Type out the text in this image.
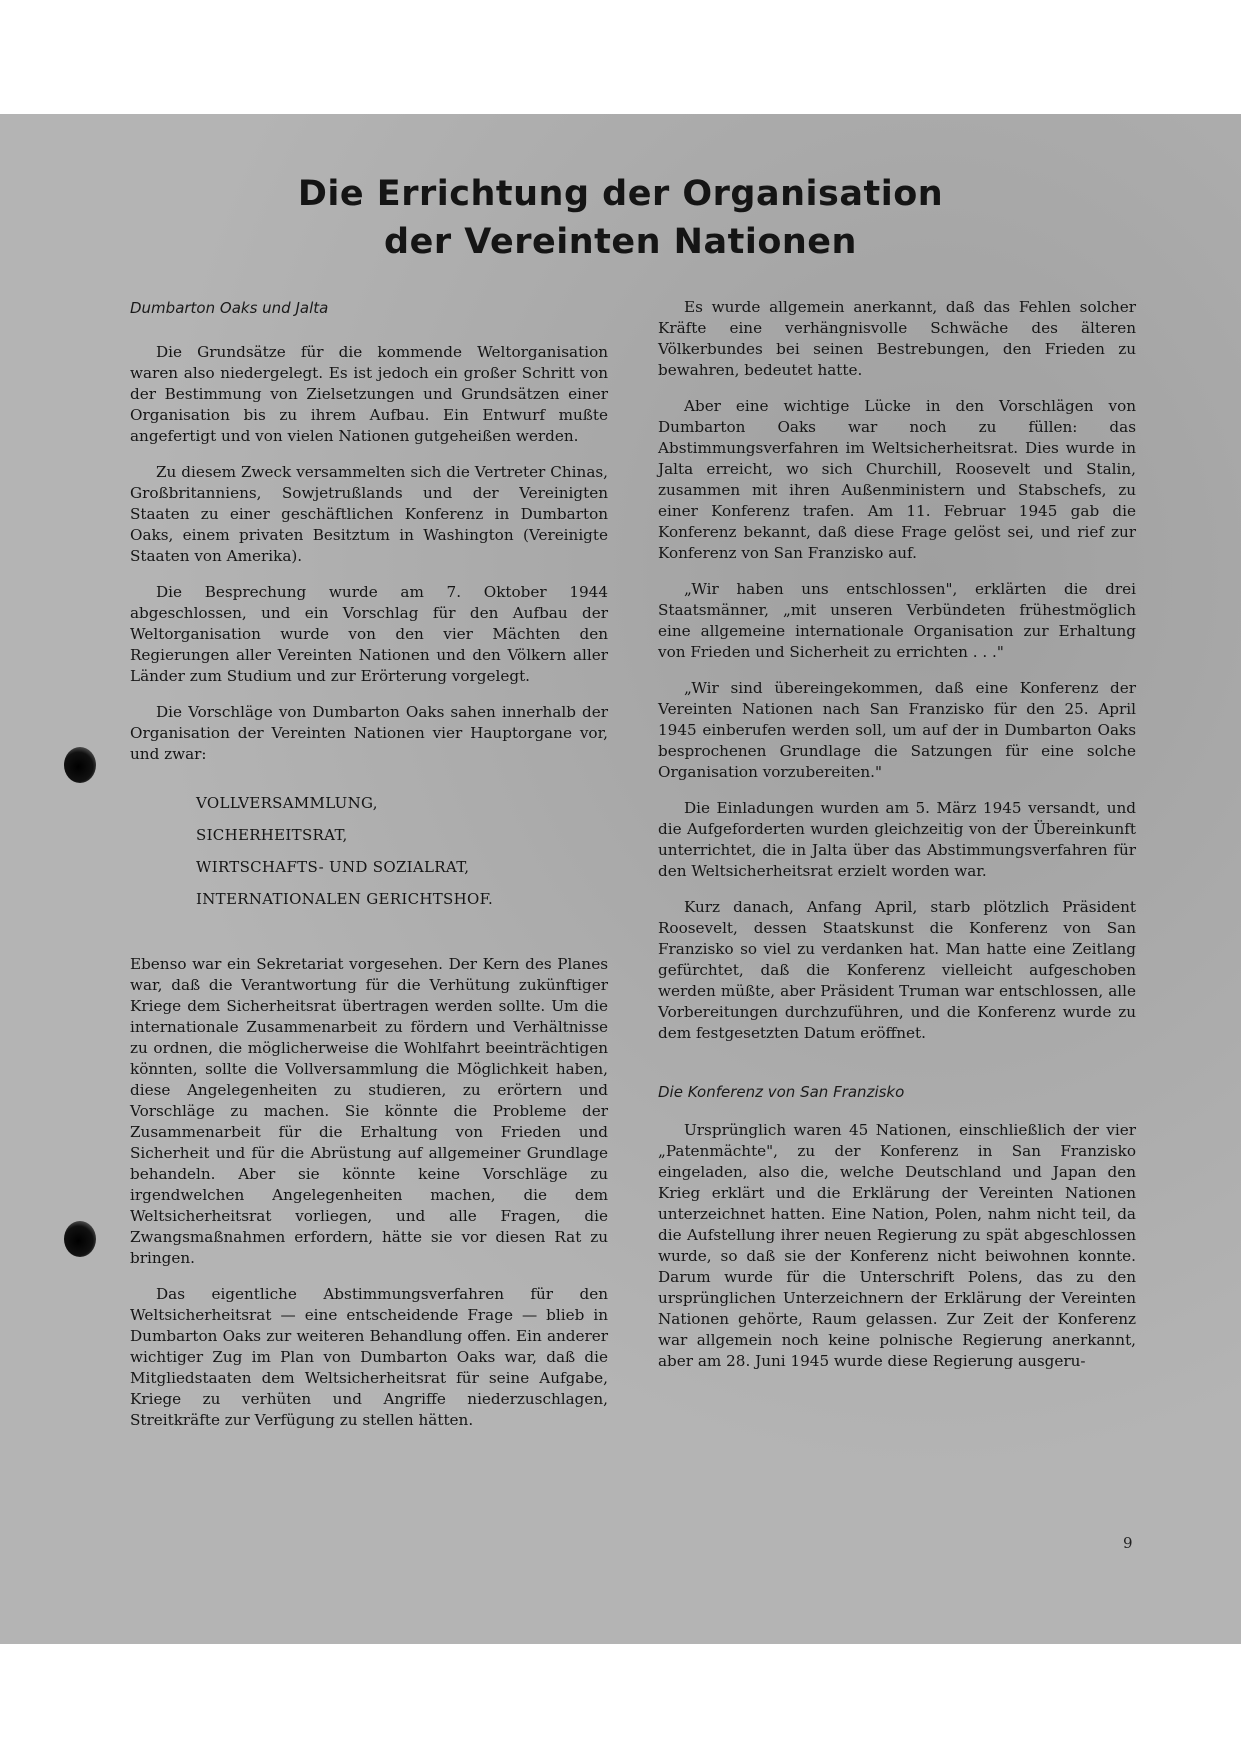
Die Errichtung der Organisation
der Vereinten Nationen
Dumbarton Oaks und Jalta

Die Grundsätze für die kommende Weltorganisation waren also niedergelegt. Es ist jedoch ein großer Schritt von der Bestimmung von Zielsetzungen und Grundsätzen einer Organisation bis zu ihrem Aufbau. Ein Entwurf mußte angefertigt und von vielen Nationen gutgeheißen werden.

Zu diesem Zweck versammelten sich die Vertreter Chinas, Großbritanniens, Sowjetrußlands und der Vereinigten Staaten zu einer geschäftlichen Konferenz in Dumbarton Oaks, einem privaten Besitztum in Washington (Vereinigte Staaten von Amerika).

Die Besprechung wurde am 7. Oktober 1944 abgeschlossen, und ein Vorschlag für den Aufbau der Weltorganisation wurde von den vier Mächten den Regierungen aller Vereinten Nationen und den Völkern aller Länder zum Studium und zur Erörterung vorgelegt.

Die Vorschläge von Dumbarton Oaks sahen innerhalb der Organisation der Vereinten Nationen vier Hauptorgane vor, und zwar:

VOLLVERSAMMLUNG,
SICHERHEITSRAT,
WIRTSCHAFTS- UND SOZIALRAT,
INTERNATIONALEN GERICHTSHOF.

Ebenso war ein Sekretariat vorgesehen. Der Kern des Planes war, daß die Verantwortung für die Verhütung zukünftiger Kriege dem Sicherheitsrat übertragen werden sollte. Um die internationale Zusammenarbeit zu fördern und Verhältnisse zu ordnen, die möglicherweise die Wohlfahrt beeinträchtigen könnten, sollte die Vollversammlung die Möglichkeit haben, diese Angelegenheiten zu studieren, zu erörtern und Vorschläge zu machen. Sie könnte die Probleme der Zusammenarbeit für die Erhaltung von Frieden und Sicherheit und für die Abrüstung auf allgemeiner Grundlage behandeln. Aber sie könnte keine Vorschläge zu irgendwelchen Angelegenheiten machen, die dem Weltsicherheitsrat vorliegen, und alle Fragen, die Zwangsmaßnahmen erfordern, hätte sie vor diesen Rat zu bringen.

Das eigentliche Abstimmungsverfahren für den Weltsicherheitsrat — eine entscheidende Frage — blieb in Dumbarton Oaks zur weiteren Behandlung offen. Ein anderer wichtiger Zug im Plan von Dumbarton Oaks war, daß die Mitgliedstaaten dem Weltsicherheitsrat für seine Aufgabe, Kriege zu verhüten und Angriffe niederzuschlagen, Streitkräfte zur Verfügung zu stellen hätten.

Es wurde allgemein anerkannt, daß das Fehlen solcher Kräfte eine verhängnisvolle Schwäche des älteren Völkerbundes bei seinen Bestrebungen, den Frieden zu bewahren, bedeutet hatte.

Aber eine wichtige Lücke in den Vorschlägen von Dumbarton Oaks war noch zu füllen: das Abstimmungsverfahren im Weltsicherheitsrat. Dies wurde in Jalta erreicht, wo sich Churchill, Roosevelt und Stalin, zusammen mit ihren Außenministern und Stabschefs, zu einer Konferenz trafen. Am 11. Februar 1945 gab die Konferenz bekannt, daß diese Frage gelöst sei, und rief zur Konferenz von San Franzisko auf.

„Wir haben uns entschlossen", erklärten die drei Staatsmänner, „mit unseren Verbündeten frühestmöglich eine allgemeine internationale Organisation zur Erhaltung von Frieden und Sicherheit zu errichten . . ."

„Wir sind übereingekommen, daß eine Konferenz der Vereinten Nationen nach San Franzisko für den 25. April 1945 einberufen werden soll, um auf der in Dumbarton Oaks besprochenen Grundlage die Satzungen für eine solche Organisation vorzubereiten."

Die Einladungen wurden am 5. März 1945 versandt, und die Aufgeforderten wurden gleichzeitig von der Übereinkunft unterrichtet, die in Jalta über das Abstimmungsverfahren für den Weltsicherheitsrat erzielt worden war.

Kurz danach, Anfang April, starb plötzlich Präsident Roosevelt, dessen Staatskunst die Konferenz von San Franzisko so viel zu verdanken hat. Man hatte eine Zeitlang gefürchtet, daß die Konferenz vielleicht aufgeschoben werden müßte, aber Präsident Truman war entschlossen, alle Vorbereitungen durchzuführen, und die Konferenz wurde zu dem festgesetzten Datum eröffnet.

Die Konferenz von San Franzisko

Ursprünglich waren 45 Nationen, einschließlich der vier „Patenmächte", zu der Konferenz in San Franzisko eingeladen, also die, welche Deutschland und Japan den Krieg erklärt und die Erklärung der Vereinten Nationen unterzeichnet hatten. Eine Nation, Polen, nahm nicht teil, da die Aufstellung ihrer neuen Regierung zu spät abgeschlossen wurde, so daß sie der Konferenz nicht beiwohnen konnte. Darum wurde für die Unterschrift Polens, das zu den ursprünglichen Unterzeichnern der Erklärung der Vereinten Nationen gehörte, Raum gelassen. Zur Zeit der Konferenz war allgemein noch keine polnische Regierung anerkannt, aber am 28. Juni 1945 wurde diese Regierung ausgeru-

9
